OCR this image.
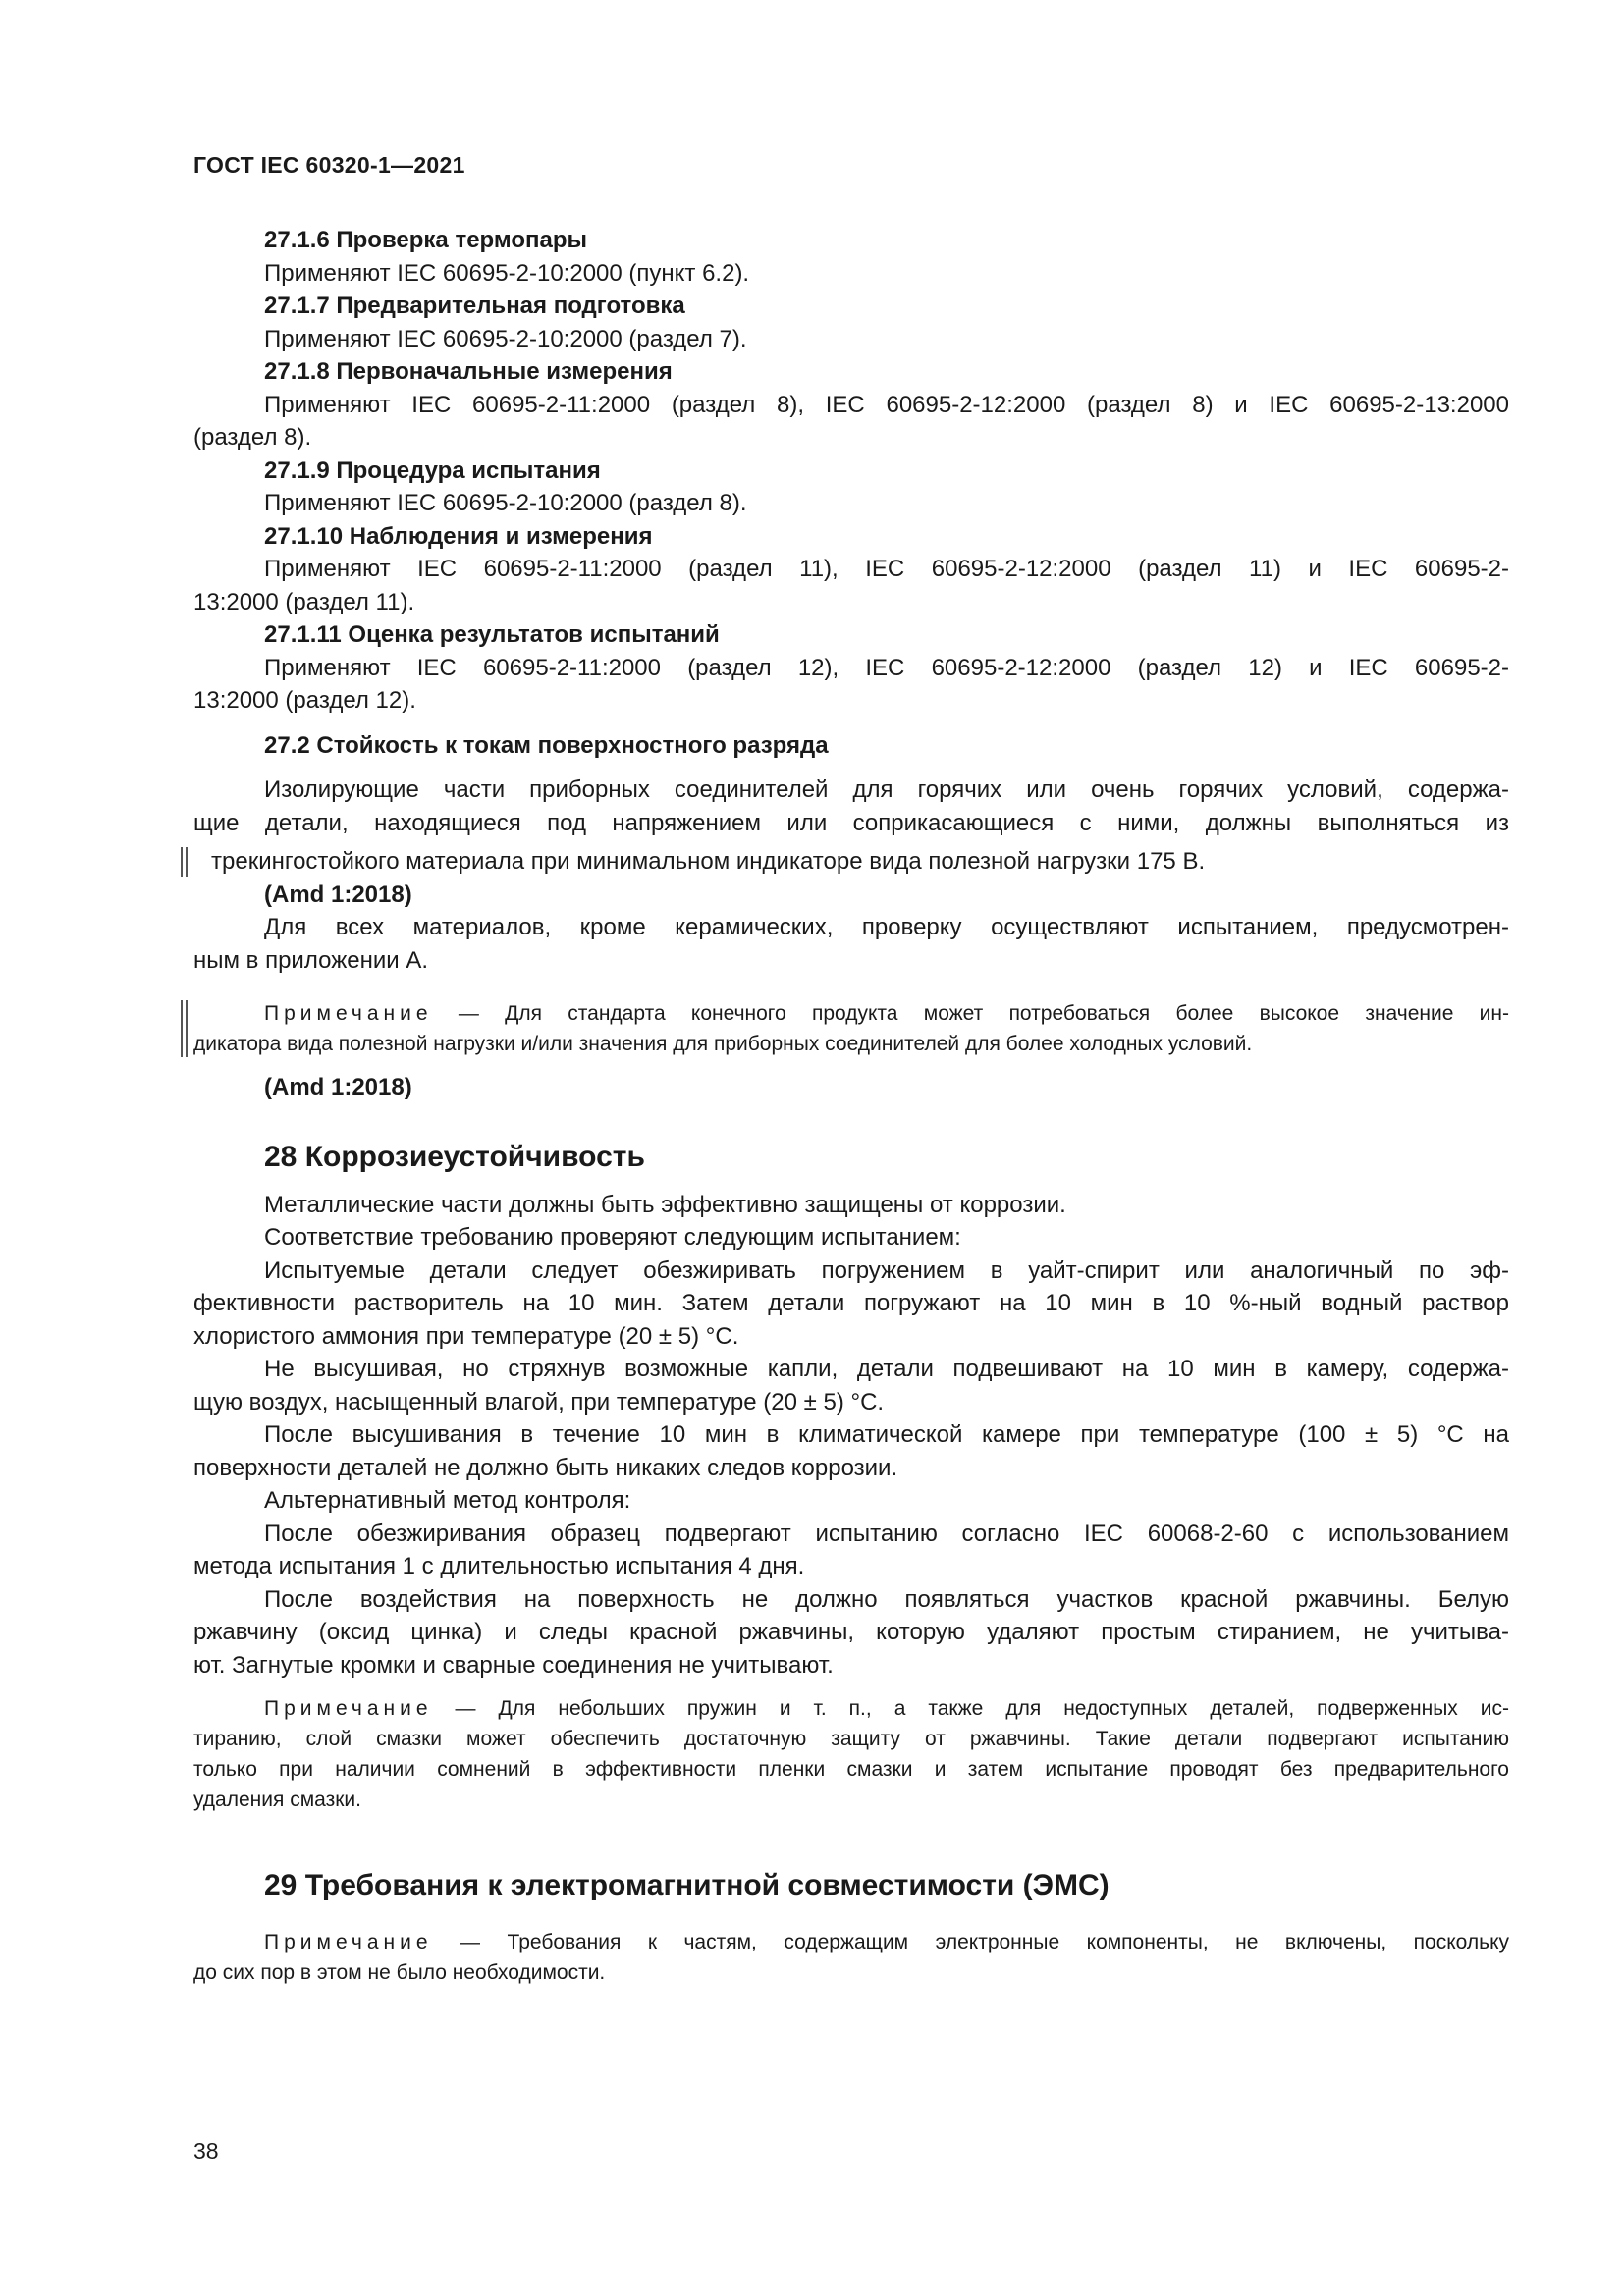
ГОСТ IEC 60320-1—2021
27.1.6 Проверка термопары
Применяют IEC 60695-2-10:2000 (пункт 6.2).
27.1.7 Предварительная подготовка
Применяют IEC 60695-2-10:2000 (раздел 7).
27.1.8 Первоначальные измерения
Применяют IEC 60695-2-11:2000 (раздел 8), IEC 60695-2-12:2000 (раздел 8) и IEC 60695-2-13:2000
(раздел 8).
27.1.9 Процедура испытания
Применяют IEC 60695-2-10:2000 (раздел 8).
27.1.10 Наблюдения и измерения
Применяют IEC 60695-2-11:2000 (раздел 11), IEC 60695-2-12:2000 (раздел 11) и IEC 60695-2-
13:2000 (раздел 11).
27.1.11 Оценка результатов испытаний
Применяют IEC 60695-2-11:2000 (раздел 12), IEC 60695-2-12:2000 (раздел 12) и IEC 60695-2-
13:2000 (раздел 12).
27.2 Стойкость к токам поверхностного разряда
Изолирующие части приборных соединителей для горячих или очень горячих условий, содержа-
щие детали, находящиеся под напряжением или соприкасающиеся с ними, должны выполняться из
трекингостойкого материала при минимальном индикаторе вида полезной нагрузки 175 В.
(Amd 1:2018)
Для всех материалов, кроме керамических, проверку осуществляют испытанием, предусмотрен-
ным в приложении А.
Примечание — Для стандарта конечного продукта может потребоваться более высокое значение ин-
дикатора вида полезной нагрузки и/или значения для приборных соединителей для более холодных условий.
(Amd 1:2018)
28 Коррозиеустойчивость
Металлические части должны быть эффективно защищены от коррозии.
Соответствие требованию проверяют следующим испытанием:
Испытуемые детали следует обезжиривать погружением в уайт-спирит или аналогичный по эф-
фективности растворитель на 10 мин. Затем детали погружают на 10 мин в 10 %-ный водный раствор
хлористого аммония при температуре (20 ± 5) °С.
Не высушивая, но стряхнув возможные капли, детали подвешивают на 10 мин в камеру, содержа-
щую воздух, насыщенный влагой, при температуре (20 ± 5) °С.
После высушивания в течение 10 мин в климатической камере при температуре (100 ± 5) °С на
поверхности деталей не должно быть никаких следов коррозии.
Альтернативный метод контроля:
После обезжиривания образец подвергают испытанию согласно IEC 60068-2-60 с использованием
метода испытания 1 с длительностью испытания 4 дня.
После воздействия на поверхность не должно появляться участков красной ржавчины. Белую
ржавчину (оксид цинка) и следы красной ржавчины, которую удаляют простым стиранием, не учитыва-
ют. Загнутые кромки и сварные соединения не учитывают.
Примечание — Для небольших пружин и т. п., а также для недоступных деталей, подверженных ис-
тиранию, слой смазки может обеспечить достаточную защиту от ржавчины. Такие детали подвергают испытанию
только при наличии сомнений в эффективности пленки смазки и затем испытание проводят без предварительного
удаления смазки.
29 Требования к электромагнитной совместимости (ЭМС)
Примечание — Требования к частям, содержащим электронные компоненты, не включены, поскольку
до сих пор в этом не было необходимости.
38
